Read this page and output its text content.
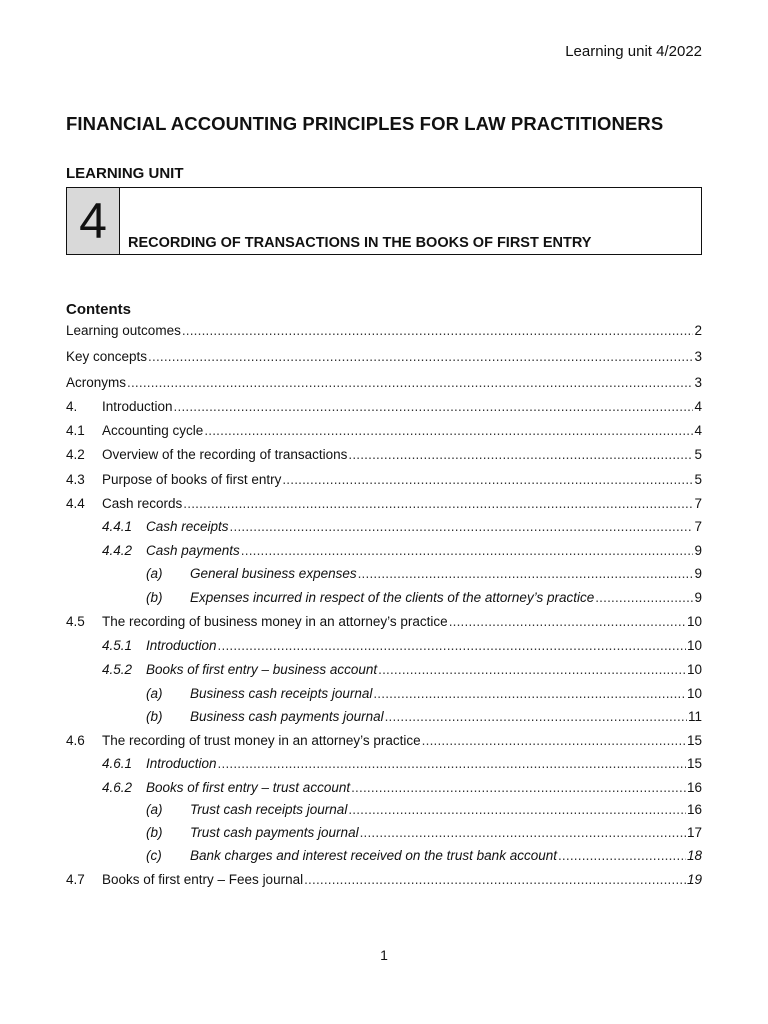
Learning unit 4/2022
FINANCIAL ACCOUNTING PRINCIPLES FOR LAW PRACTITIONERS
LEARNING UNIT
4	RECORDING OF TRANSACTIONS IN THE BOOKS OF FIRST ENTRY
Contents
Learning outcomes .....	2
Key concepts .....	3
Acronyms .....	3
4.	Introduction .....	4
4.1	Accounting cycle .....	4
4.2	Overview of the recording of transactions .....	5
4.3	Purpose of books of first entry .....	5
4.4	Cash records .....	7
4.4.1	Cash receipts .....	7
4.4.2	Cash payments .....	9
(a)	General business expenses .....	9
(b)	Expenses incurred in respect of the clients of the attorney’s practice .....	9
4.5	The recording of business money in an attorney’s practice .....	10
4.5.1	Introduction .....	10
4.5.2	Books of first entry – business account .....	10
(a)	Business cash receipts journal .....	10
(b)	Business cash payments journal .....	11
4.6	The recording of trust money in an attorney’s practice .....	15
4.6.1	Introduction .....	15
4.6.2	Books of first entry – trust account .....	16
(a)	Trust cash receipts journal .....	16
(b)	Trust cash payments journal .....	17
(c)	Bank charges and interest received on the trust bank account .....	18
4.7	Books of first entry – Fees journal .....	19
1
